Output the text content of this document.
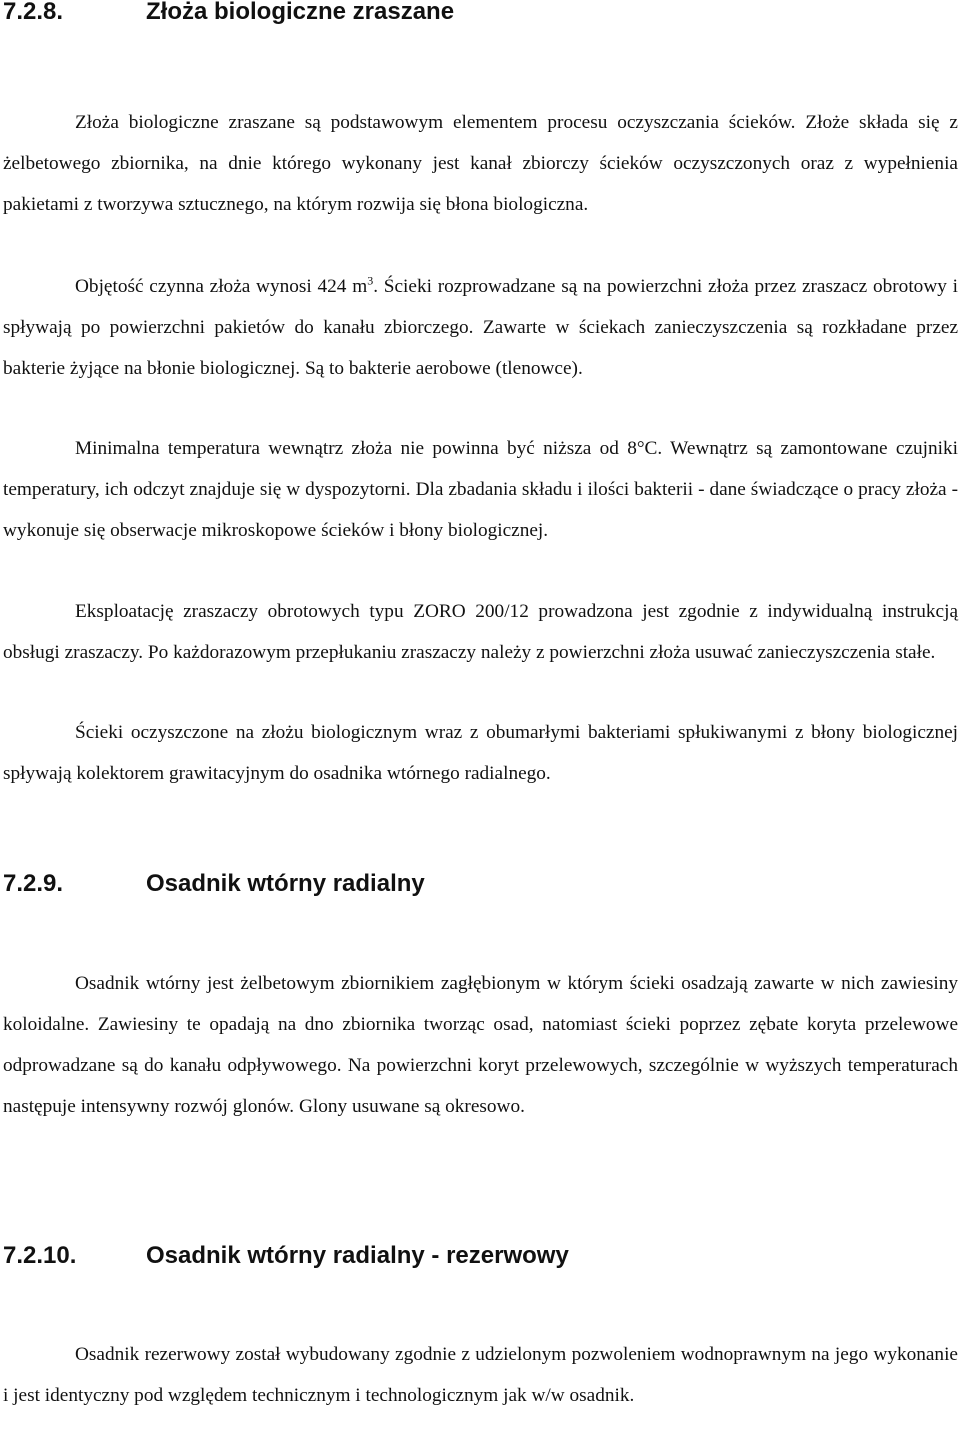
7.2.8.	Złoża biologiczne zraszane

Złoża biologiczne zraszane są podstawowym elementem procesu oczyszczania ścieków. Złoże składa się z żelbetowego zbiornika, na dnie którego wykonany jest kanał zbiorczy ścieków oczyszczonych oraz z wypełnienia pakietami z tworzywa sztucznego, na którym rozwija się błona biologiczna.

Objętość czynna złoża wynosi 424 $m^3$. Ścieki rozprowadzane są na powierzchni złoża przez zraszacz obrotowy i spływają po powierzchni pakietów do kanału zbiorczego. Zawarte w ściekach zanieczyszczenia są rozkładane przez bakterie żyjące na błonie biologicznej. Są to bakterie aerobowe (tlenowce).

Minimalna temperatura wewnątrz złoża nie powinna być niższa od 8°C. Wewnątrz są zamontowane czujniki temperatury, ich odczyt znajduje się w dyspozytorni. Dla zbadania składu i ilości bakterii - dane świadczące o pracy złoża - wykonuje się obserwacje mikroskopowe ścieków i błony biologicznej.

Eksploatację zraszaczy obrotowych typu ZORO 200/12 prowadzona jest zgodnie z indywidualną instrukcją obsługi zraszaczy. Po każdorazowym przepłukaniu zraszaczy należy z powierzchni złoża usuwać zanieczyszczenia stałe.

Ścieki oczyszczone na złożu biologicznym wraz z obumarłymi bakteriami spłukiwanymi z błony biologicznej spływają kolektorem grawitacyjnym do osadnika wtórnego radialnego.

7.2.9.	Osadnik wtórny radialny

Osadnik wtórny jest żelbetowym zbiornikiem zagłębionym w którym ścieki osadzają zawarte w nich zawiesiny koloidalne. Zawiesiny te opadają na dno zbiornika tworząc osad, natomiast ścieki poprzez zębate koryta przelewowe odprowadzane są do kanału odpływowego. Na powierzchni koryt przelewowych, szczególnie w wyższych temperaturach następuje intensywny rozwój glonów. Glony usuwane są okresowo.

7.2.10.	Osadnik wtórny radialny - rezerwowy

Osadnik rezerwowy został wybudowany zgodnie z udzielonym pozwoleniem wodnoprawnym na jego wykonanie i jest identyczny pod względem technicznym i technologicznym jak w/w osadnik.
